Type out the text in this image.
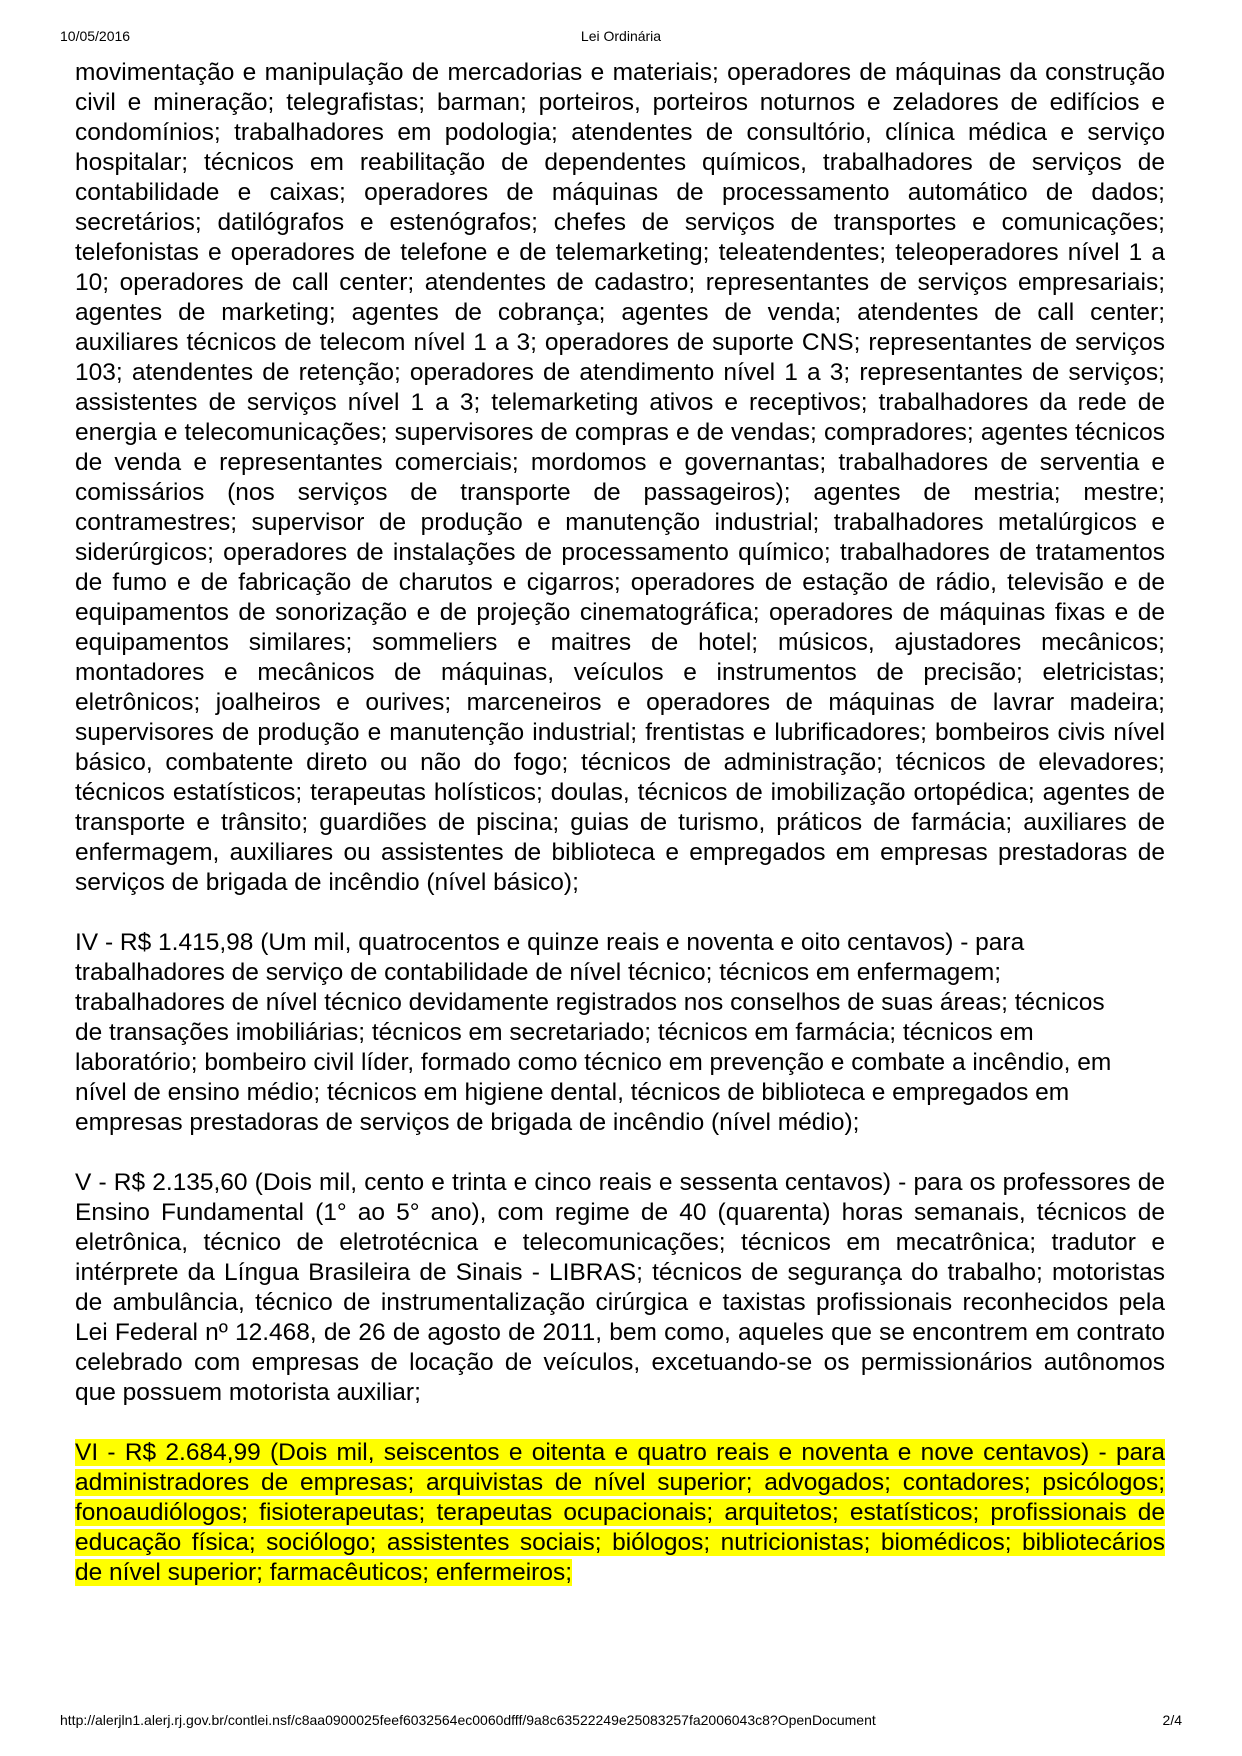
10/05/2016	Lei Ordinária

movimentação e manipulação de mercadorias e materiais; operadores de máquinas da construção civil e mineração; telegrafistas; barman; porteiros, porteiros noturnos e zeladores de edifícios e condomínios; trabalhadores em podologia; atendentes de consultório, clínica médica e serviço hospitalar; técnicos em reabilitação de dependentes químicos, trabalhadores de serviços de contabilidade e caixas; operadores de máquinas de processamento automático de dados; secretários; datilógrafos e estenógrafos; chefes de serviços de transportes e comunicações; telefonistas e operadores de telefone e de telemarketing; teleatendentes; teleoperadores nível 1 a 10; operadores de call center; atendentes de cadastro; representantes de serviços empresariais; agentes de marketing; agentes de cobrança; agentes de venda; atendentes de call center; auxiliares técnicos de telecom nível 1 a 3; operadores de suporte CNS; representantes de serviços 103; atendentes de retenção; operadores de atendimento nível 1 a 3; representantes de serviços; assistentes de serviços nível 1 a 3; telemarketing ativos e receptivos; trabalhadores da rede de energia e telecomunicações; supervisores de compras e de vendas; compradores; agentes técnicos de venda e representantes comerciais; mordomos e governantas; trabalhadores de serventia e comissários (nos serviços de transporte de passageiros); agentes de mestria; mestre; contramestres; supervisor de produção e manutenção industrial; trabalhadores metalúrgicos e siderúrgicos; operadores de instalações de processamento químico; trabalhadores de tratamentos de fumo e de fabricação de charutos e cigarros; operadores de estação de rádio, televisão e de equipamentos de sonorização e de projeção cinematográfica; operadores de máquinas fixas e de equipamentos similares; sommeliers e maitres de hotel; músicos, ajustadores mecânicos; montadores e mecânicos de máquinas, veículos e instrumentos de precisão; eletricistas; eletrônicos; joalheiros e ourives; marceneiros e operadores de máquinas de lavrar madeira; supervisores de produção e manutenção industrial; frentistas e lubrificadores; bombeiros civis nível básico, combatente direto ou não do fogo; técnicos de administração; técnicos de elevadores; técnicos estatísticos; terapeutas holísticos; doulas, técnicos de imobilização ortopédica; agentes de transporte e trânsito; guardiões de piscina; guias de turismo, práticos de farmácia; auxiliares de enfermagem, auxiliares ou assistentes de biblioteca e empregados em empresas prestadoras de serviços de brigada de incêndio (nível básico);

IV - R$ 1.415,98 (Um mil, quatrocentos e quinze reais e noventa e oito centavos) - para trabalhadores de serviço de contabilidade de nível técnico; técnicos em enfermagem; trabalhadores de nível técnico devidamente registrados nos conselhos de suas áreas; técnicos de transações imobiliárias; técnicos em secretariado; técnicos em farmácia; técnicos em laboratório; bombeiro civil líder, formado como técnico em prevenção e combate a incêndio, em nível de ensino médio; técnicos em higiene dental, técnicos de biblioteca e empregados em empresas prestadoras de serviços de brigada de incêndio (nível médio);

V - R$ 2.135,60 (Dois mil, cento e trinta e cinco reais e sessenta centavos) - para os professores de Ensino Fundamental (1° ao 5° ano), com regime de 40 (quarenta) horas semanais, técnicos de eletrônica, técnico de eletrotécnica e telecomunicações; técnicos em mecatrônica; tradutor e intérprete da Língua Brasileira de Sinais - LIBRAS; técnicos de segurança do trabalho; motoristas de ambulância, técnico de instrumentalização cirúrgica e taxistas profissionais reconhecidos pela Lei Federal nº 12.468, de 26 de agosto de 2011, bem como, aqueles que se encontrem em contrato celebrado com empresas de locação de veículos, excetuando-se os permissionários autônomos que possuem motorista auxiliar;

VI - R$ 2.684,99 (Dois mil, seiscentos e oitenta e quatro reais e noventa e nove centavos) - para administradores de empresas; arquivistas de nível superior; advogados; contadores; psicólogos; fonoaudiólogos; fisioterapeutas; terapeutas ocupacionais; arquitetos; estatísticos; profissionais de educação física; sociólogo; assistentes sociais; biólogos; nutricionistas; biomédicos; bibliotecários de nível superior; farmacêuticos; enfermeiros;

http://alerjln1.alerj.rj.gov.br/contlei.nsf/c8aa0900025feef6032564ec0060dfff/9a8c63522249e25083257fa2006043c8?OpenDocument	2/4
